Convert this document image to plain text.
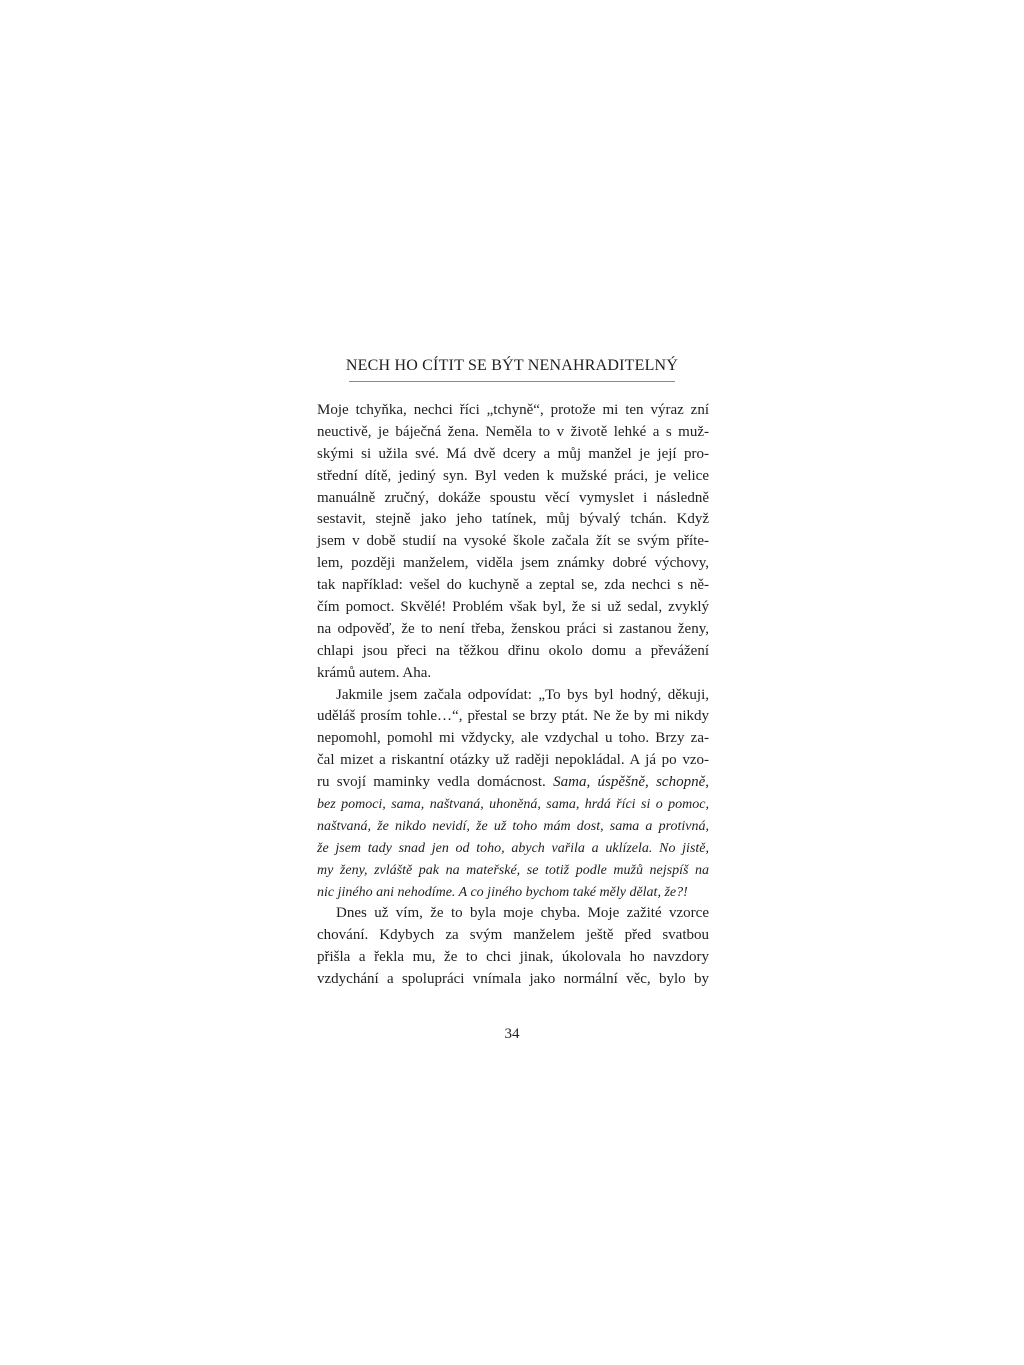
NECH HO CÍTIT SE BÝT NENAHRADITELNÝ
Moje tchyňka, nechci říci „tchyně“, protože mi ten výraz zní
neuctivě, je báječná žena. Neměla to v životě lehké a s muž-
skými si užila své. Má dvě dcery a můj manžel je její pro-
střední dítě, jediný syn. Byl veden k mužské práci, je velice
manuálně zručný, dokáže spoustu věcí vymyslet i následně
sestavit, stejně jako jeho tatínek, můj bývalý tchán. Když
jsem v době studií na vysoké škole začala žít se svým příte-
lem, později manželem, viděla jsem známky dobré výchovy,
tak například: vešel do kuchyně a zeptal se, zda nechci s ně-
čím pomoct. Skvělé! Problém však byl, že si už sedal, zvyklý
na odpověď, že to není třeba, ženskou práci si zastanou ženy,
chlapi jsou přeci na těžkou dřinu okolo domu a převážení
krámů autem. Aha.
Jakmile jsem začala odpovídat: „To bys byl hodný, děkuji,
uděláš prosím tohle…“, přestal se brzy ptát. Ne že by mi nikdy
nepomohl, pomohl mi vždycky, ale vzdychal u toho. Brzy za-
čal mizet a riskantní otázky už raději nepokládal. A já po vzo-
ru svojí maminky vedla domácnost. Sama, úspěšně, schopně,
bez pomoci, sama, naštvaná, uhoněná, sama, hrdá říci si o pomoc,
naštvaná, že nikdo nevidí, že už toho mám dost, sama a protivná,
že jsem tady snad jen od toho, abych vařila a uklízela. No jistě,
my ženy, zvláště pak na mateřské, se totiž podle mužů nejspíš na
nic jiného ani nehodíme. A co jiného bychom také měly dělat, že?!
Dnes už vím, že to byla moje chyba. Moje zažité vzorce
chování. Kdybych za svým manželem ještě před svatbou
přišla a řekla mu, že to chci jinak, úkolovala ho navzdory
vzdychání a spolupráci vnímala jako normální věc, bylo by
34
